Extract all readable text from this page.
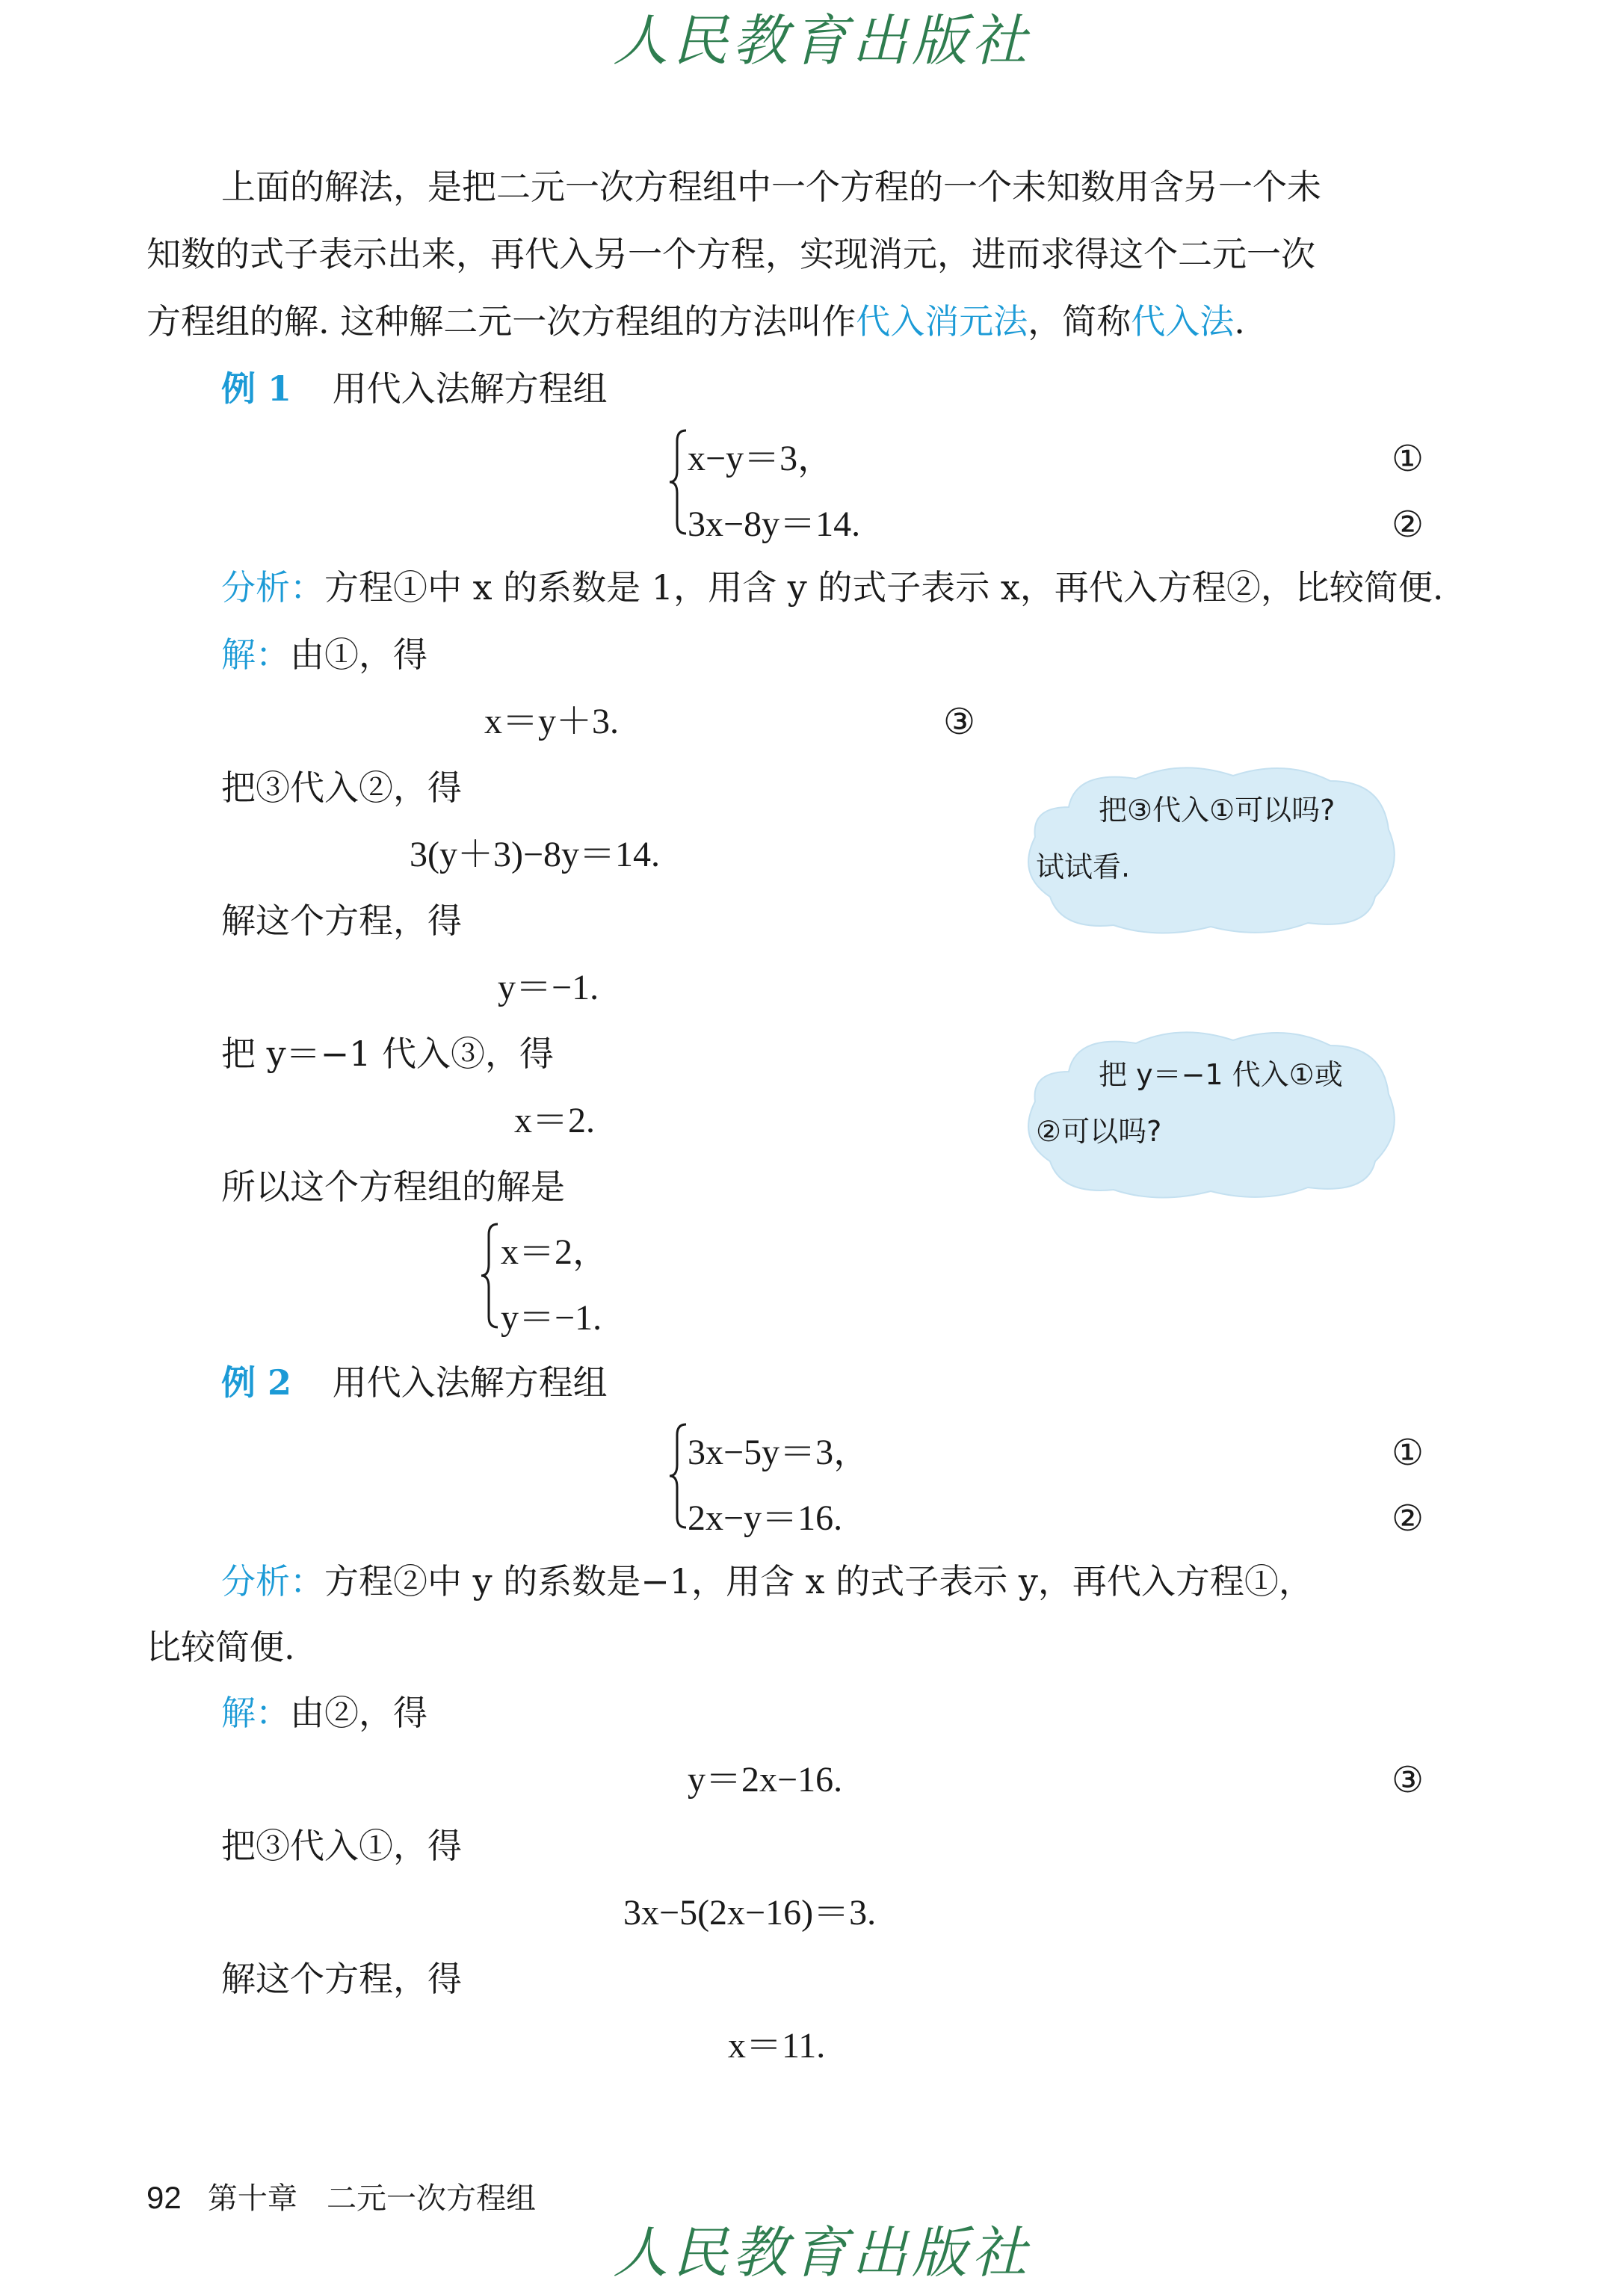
人民教育出版社
上面的解法，是把二元一次方程组中一个方程的一个未知数用含另一个未
知数的式子表示出来，再代入另一个方程，实现消元，进而求得这个二元一次
方程组的解. 这种解二元一次方程组的方法叫作代入消元法，简称代入法.
例 1 用代入法解方程组
x−y＝3，
3x−8y＝14.
①
②
分析：方程①中 x 的系数是 1，用含 y 的式子表示 x，再代入方程②，比较简便.
解：由①，得
x＝y＋3.	③
把③代入②，得
3(y＋3)−8y＝14.
解这个方程，得
y＝−1.
把 y＝−1 代入③，得
x＝2.
所以这个方程组的解是
x＝2，
y＝−1.
把③代入①可以吗?
试试看.
把 y＝−1 代入①或
②可以吗?
例 2 用代入法解方程组
3x−5y＝3，
2x−y＝16.
①
②
分析：方程②中 y 的系数是−1，用含 x 的式子表示 y，再代入方程①，
比较简便.
解：由②，得
y＝2x−16.	③
把③代入①，得
3x−5(2x−16)＝3.
解这个方程，得
x＝11.
92 第十章 二元一次方程组
人民教育出版社
